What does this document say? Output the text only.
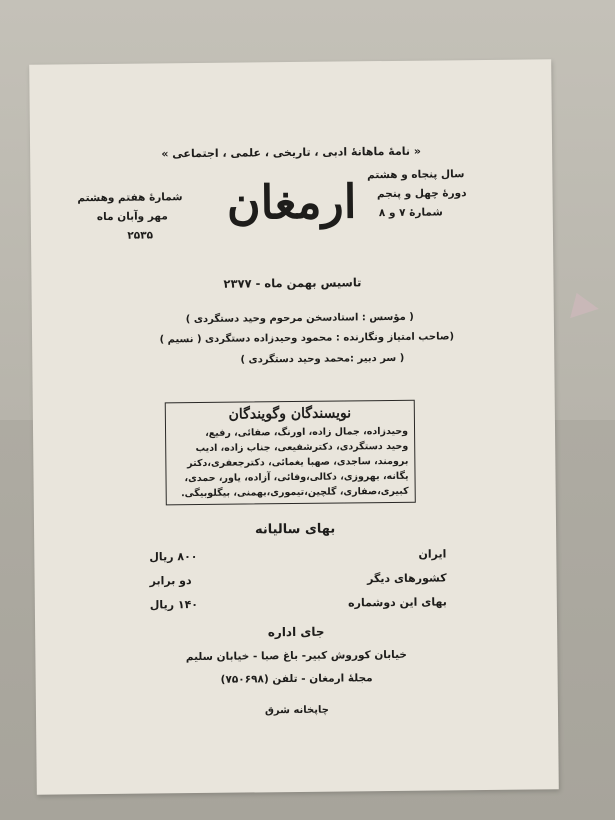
« نامهٔ ماهانهٔ ادبی ، تاریخی ، علمی ، اجتماعی »
ارمغان سال پنجاه و هشتم
دورهٔ چهل و پنجم
شمارهٔ ۷ و ۸
شمارهٔ هفتم وهشتم
مهر وآبان ماه
۲۵۳۵
تاسیس بهمن ماه - ۲۳۷۷
( مؤسس : استادسخن مرحوم وحید دستگردی )
(صاحب امتیاز ونگارنده : محمود وحیدزاده دستگردی ( نسیم )
( سر دبیر :محمد وحید دستگردی )
نویسندگان وگویندگان
وحیدزاده، جمال زاده، اورنگ، صفائی، رفیع،
وحید دستگردی، دکترشفیعی، جناب زاده، ادیب
برومند، ساجدی، صهبا یغمائی، دکترجعفری،دکتر
یگانه، بهروزی، دکالی،وفائی، آزاده، یاور، حمدی،
کبیری،صفاری، گلچین،تیموری،بهمنی، بیگلوبیگی.
بهای سالیانه
ایران
۸۰۰ ریال
کشورهای دیگر
دو برابر
بهای این دوشماره
۱۴۰ ریال
جای اداره
خیابان کوروش کبیر- باغ صبا - خیابان سلیم
مجلهٔ ارمغان - تلفن (۷۵۰۶۹۸)
چاپخانه شرق
